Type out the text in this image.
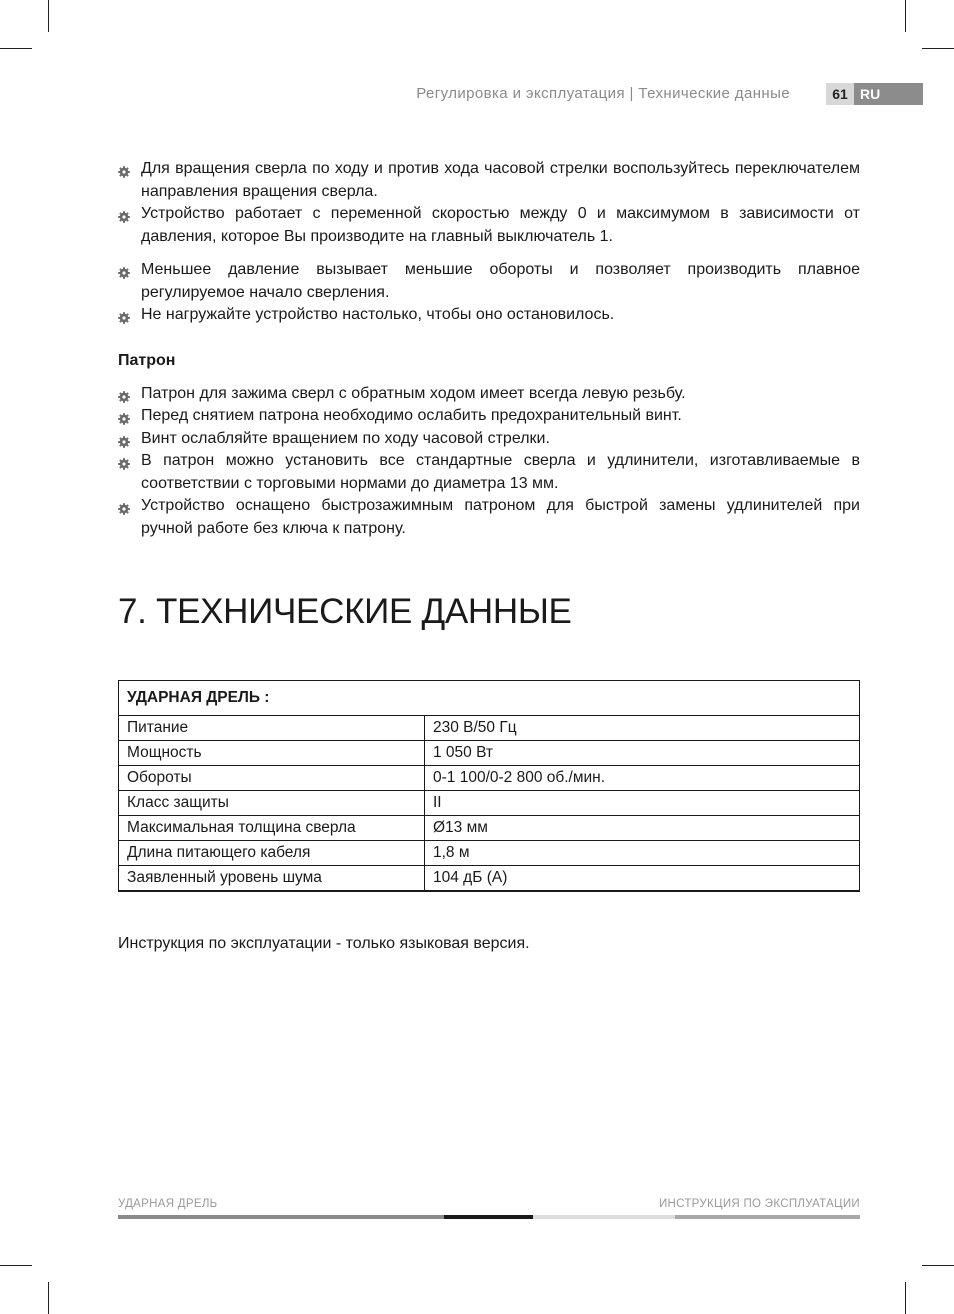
Регулировка и эксплуатация | Технические данные	61 RU
Для вращения сверла по ходу и против хода часовой стрелки воспользуйтесь переключателем направления вращения сверла.
Устройство работает с переменной скоростью между 0 и максимумом в зависимости от давления, которое Вы производите на главный выключатель 1.
Меньшее давление вызывает меньшие обороты и позволяет производить плавное регулируемое начало сверления.
Не нагружайте устройство настолько, чтобы оно остановилось.
Патрон
Патрон для зажима сверл с обратным ходом имеет всегда левую резьбу.
Перед снятием патрона необходимо ослабить предохранительный винт.
Винт ослабляйте вращением по ходу часовой стрелки.
В патрон можно установить все стандартные сверла и удлинители, изготавливаемые в соответствии с торговыми нормами до диаметра 13 мм.
Устройство оснащено быстрозажимным патроном для быстрой замены удлинителей при ручной работе без ключа к патрону.
7. ТЕХНИЧЕСКИЕ ДАННЫЕ
УДАРНАЯ ДРЕЛЬ :	
Питание	230 В/50 Гц
Мощность	1 050 Вт
Обороты	0-1 100/0-2 800 об./мин.
Класс защиты	II
Максимальная толщина сверла	Ø13 мм
Длина питающего кабеля	1,8 м
Заявленный уровень шума	104 дБ (A)
Инструкция по эксплуатации - только языковая версия.
УДАРНАЯ ДРЕЛЬ	ИНСТРУКЦИЯ ПО ЭКСПЛУАТАЦИИ
